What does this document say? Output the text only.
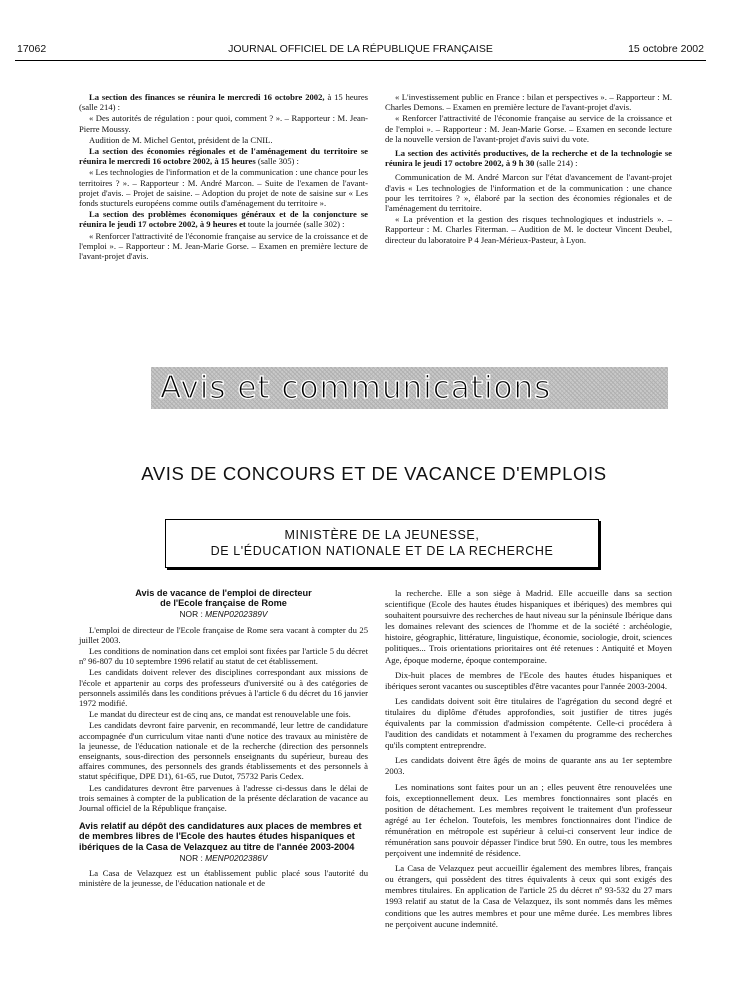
17062	JOURNAL OFFICIEL DE LA RÉPUBLIQUE FRANÇAISE	15 octobre 2002

La section des finances se réunira le mercredi 16 octobre 2002, à 15 heures (salle 214) :

« Des autorités de régulation : pour quoi, comment ? ». – Rapporteur : M. Jean-Pierre Moussy.

Audition de M. Michel Gentot, président de la CNIL.

La section des économies régionales et de l'aménagement du territoire se réunira le mercredi 16 octobre 2002, à 15 heures (salle 305) :

« Les technologies de l'information et de la communication : une chance pour les territoires ? ». – Rapporteur : M. André Marcon. – Suite de l'examen de l'avant-projet d'avis. – Projet de saisine. – Adoption du projet de note de saisine sur « Les fonds stucturels européens comme outils d'aménagement du territoire ».

La section des problèmes économiques généraux et de la conjoncture se réunira le jeudi 17 octobre 2002, à 9 heures et toute la journée (salle 302) :

« Renforcer l'attractivité de l'économie française au service de la croissance et de l'emploi ». – Rapporteur : M. Jean-Marie Gorse. – Examen en première lecture de l'avant-projet d'avis.

« L'investissement public en France : bilan et perspectives ». – Rapporteur : M. Charles Demons. – Examen en première lecture de l'avant-projet d'avis.

« Renforcer l'attractivité de l'économie française au service de la croissance et de l'emploi ». – Rapporteur : M. Jean-Marie Gorse. – Examen en seconde lecture de la nouvelle version de l'avant-projet d'avis suivi du vote.

La section des activités productives, de la recherche et de la technologie se réunira le jeudi 17 octobre 2002, à 9 h 30 (salle 214) :

Communication de M. André Marcon sur l'état d'avancement de l'avant-projet d'avis « Les technologies de l'information et de la communication : une chance pour les territoires ? », élaboré par la section des économies régionales et de l'aménagement du territoire.

« La prévention et la gestion des risques technologiques et industriels ». – Rapporteur : M. Charles Fiterman. – Audition de M. le docteur Vincent Deubel, directeur du laboratoire P 4 Jean-Mérieux-Pasteur, à Lyon.

Avis et communications
AVIS DE CONCOURS ET DE VACANCE D'EMPLOIS
MINISTÈRE DE LA JEUNESSE,
DE L'ÉDUCATION NATIONALE ET DE LA RECHERCHE

Avis de vacance de l'emploi de directeur
de l'Ecole française de Rome

NOR : MENP0202389V

L'emploi de directeur de l'Ecole française de Rome sera vacant à compter du 25 juillet 2003.

Les conditions de nomination dans cet emploi sont fixées par l'article 5 du décret nº 96-807 du 10 septembre 1996 relatif au statut de cet établissement.

Les candidats doivent relever des disciplines correspondant aux missions de l'école et appartenir au corps des professeurs d'université ou à des catégories de personnels assimilés dans les conditions prévues à l'article 6 du décret du 16 janvier 1972 modifié.

Le mandat du directeur est de cinq ans, ce mandat est renouvelable une fois.

Les candidats devront faire parvenir, en recommandé, leur lettre de candidature accompagnée d'un curriculum vitae nanti d'une notice des travaux au ministère de la jeunesse, de l'éducation nationale et de la recherche (direction des personnels enseignants, sous-direction des personnels enseignants du supérieur, bureau des affaires communes, des personnels des grands établissements et des personnels à statut spécifique, DPE D1), 61-65, rue Dutot, 75732 Paris Cedex.

Les candidatures devront être parvenues à l'adresse ci-dessus dans le délai de trois semaines à compter de la publication de la présente déclaration de vacance au Journal officiel de la République française.

Avis relatif au dépôt des candidatures aux places de membres et de membres libres de l'Ecole des hautes études hispaniques et ibériques de la Casa de Velazquez au titre de l'année 2003-2004

NOR : MENP0202386V

La Casa de Velazquez est un établissement public placé sous l'autorité du ministère de la jeunesse, de l'éducation nationale et de

la recherche. Elle a son siège à Madrid. Elle accueille dans sa section scientifique (Ecole des hautes études hispaniques et ibériques) des membres qui souhaitent poursuivre des recherches de haut niveau sur la péninsule Ibérique dans les domaines relevant des sciences de l'homme et de la société : archéologie, histoire, géographic, littérature, linguistique, économie, sociologie, droit, sciences politiques... Trois orientations prioritaires ont été retenues : Antiquité et Moyen Age, époque moderne, époque contemporaine.

Dix-huit places de membres de l'Ecole des hautes études hispaniques et ibériques seront vacantes ou susceptibles d'être vacantes pour l'année 2003-2004.

Les candidats doivent soit être titulaires de l'agrégation du second degré et titulaires du diplôme d'études approfondies, soit justifier de titres jugés équivalents par la commission d'admission compétente. Celle-ci procédera à l'audition des candidats et notamment à l'examen du programme des recherches qu'ils comptent entreprendre.

Les candidats doivent être âgés de moins de quarante ans au 1er septembre 2003.

Les nominations sont faites pour un an ; elles peuvent être renouvelées une fois, exceptionnellement deux. Les membres fonctionnaires sont placés en position de détachement. Les membres reçoivent le traitement d'un professeur agrégé au 1er échelon. Toutefois, les membres fonctionnaires dont l'indice de rémunération en métropole est supérieur à celui-ci conservent leur indice de rémunération sans pouvoir dépasser l'indice brut 590. En outre, tous les membres perçoivent une indemnité de résidence.

La Casa de Velazquez peut accueillir également des membres libres, français ou étrangers, qui possèdent des titres équivalents à ceux qui sont exigés des membres titulaires. En application de l'article 25 du décret nº 93-532 du 27 mars 1993 relatif au statut de la Casa de Velazquez, ils sont nommés dans les mêmes conditions que les autres membres et pour une même durée. Les membres libres ne perçoivent aucune indemnité.
